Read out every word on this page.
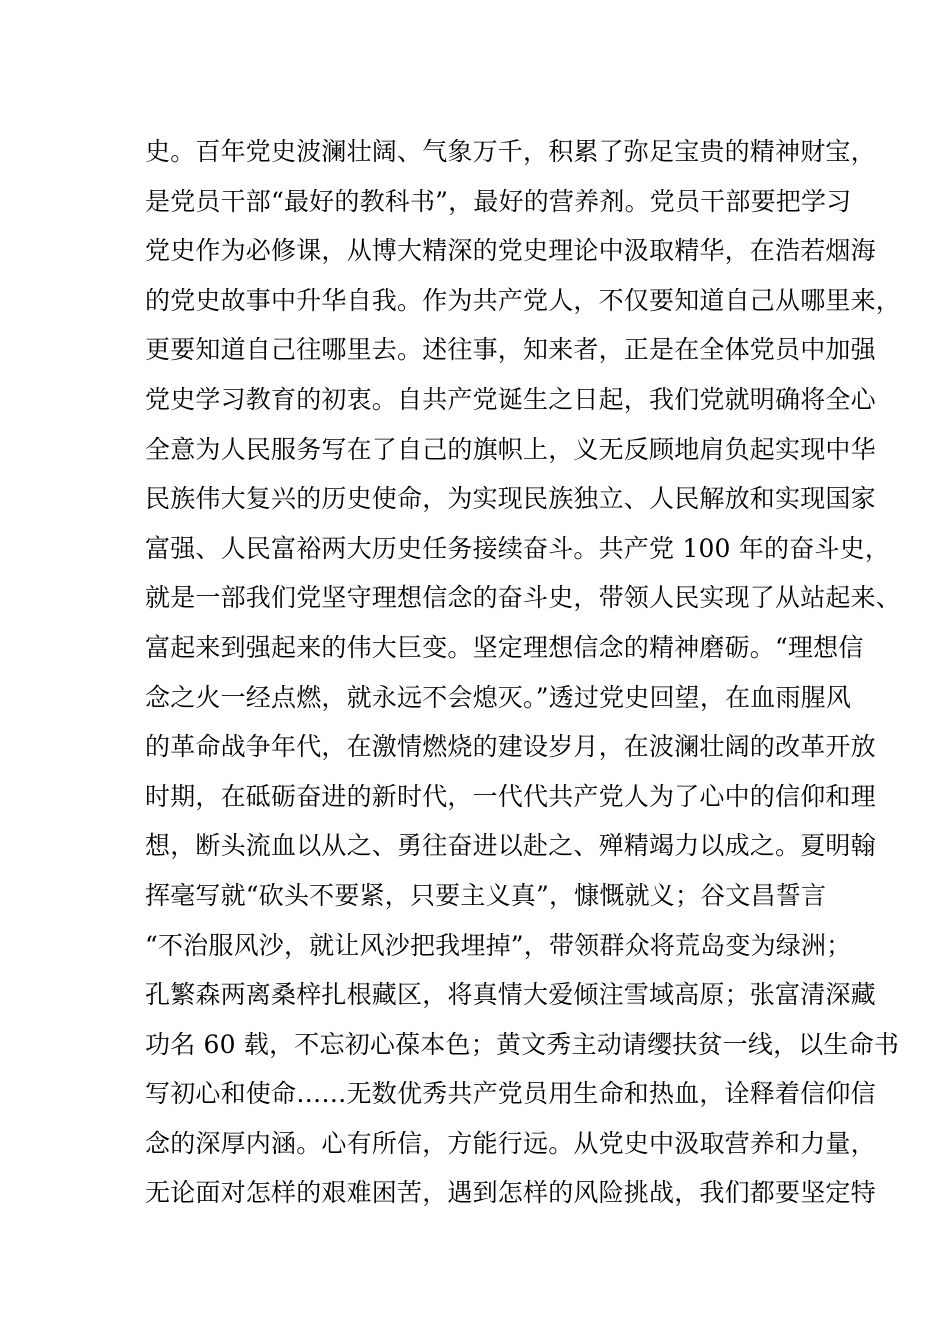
史。百年党史波澜壮阔、气象万千，积累了弥足宝贵的精神财宝，
是党员干部“最好的教科书”，最好的营养剂。党员干部要把学习
党史作为必修课，从博大精深的党史理论中汲取精华，在浩若烟海
的党史故事中升华自我。作为共产党人，不仅要知道自己从哪里来，
更要知道自己往哪里去。述往事，知来者，正是在全体党员中加强
党史学习教育的初衷。自共产党诞生之日起，我们党就明确将全心
全意为人民服务写在了自己的旗帜上，义无反顾地肩负起实现中华
民族伟大复兴的历史使命，为实现民族独立、人民解放和实现国家
富强、人民富裕两大历史任务接续奋斗。共产党 100 年的奋斗史，
就是一部我们党坚守理想信念的奋斗史，带领人民实现了从站起来、
富起来到强起来的伟大巨变。坚定理想信念的精神磨砺。“理想信
念之火一经点燃，就永远不会熄灭。”透过党史回望，在血雨腥风
的革命战争年代，在激情燃烧的建设岁月，在波澜壮阔的改革开放
时期，在砥砺奋进的新时代，一代代共产党人为了心中的信仰和理
想，断头流血以从之、勇往奋进以赴之、殚精竭力以成之。夏明翰
挥毫写就“砍头不要紧，只要主义真”，慷慨就义；谷文昌誓言
“不治服风沙，就让风沙把我埋掉”，带领群众将荒岛变为绿洲；
孔繁森两离桑梓扎根藏区，将真情大爱倾注雪域高原；张富清深藏
功名 60 载，不忘初心葆本色；黄文秀主动请缨扶贫一线，以生命书
写初心和使命……无数优秀共产党员用生命和热血，诠释着信仰信
念的深厚内涵。心有所信，方能行远。从党史中汲取营养和力量，
无论面对怎样的艰难困苦，遇到怎样的风险挑战，我们都要坚定特
